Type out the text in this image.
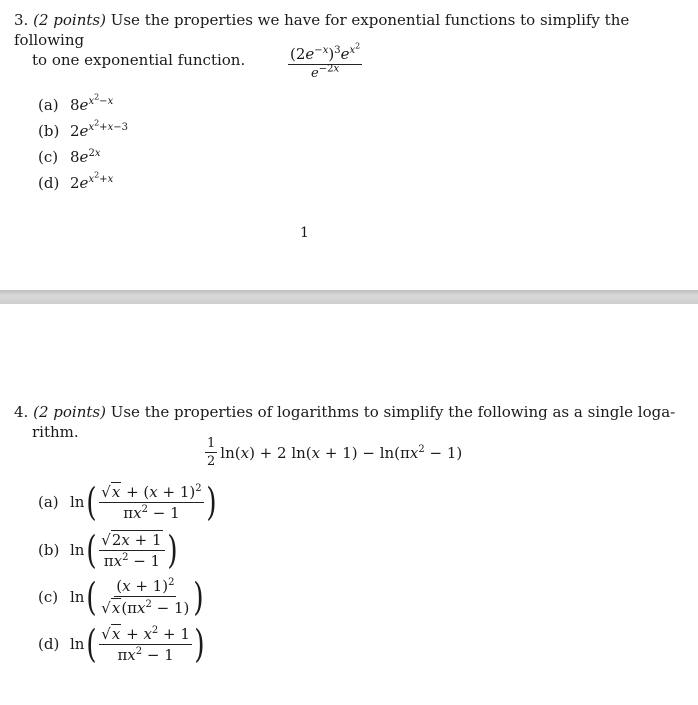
3. (2 points) Use the properties we have for exponential functions to simplify the following
to one exponential function.	$\frac{(2e^{-x})^3e^{x^2}}{e^{-2x}}$
(a) $8e^{x^2-x}$
(b) $2e^{x^2+x-3}$
(c) $8e^{2x}$
(d) $2e^{x^2+x}$
1
4. (2 points) Use the properties of logarithms to simplify the following as a single loga-
rithm.
$\frac{1}{2} \ln(x) + 2$ $\ln(x + 1) - \ln(\pi x^2 - 1)$
(a) ln ( $\frac{√ x + (x + 1)^2}{\pi x^2 - 1}$ )
(b) ln ( $\frac{√ 2x + 1}{\pi x^2 - 1}$ )
(c) ln ( $\frac{(x + 1)^2}{√ x (\pi x^2 - 1)}$ )
(d) ln ( $\frac{√ x + x^2 + 1}{\pi x^2 - 1}$ )
